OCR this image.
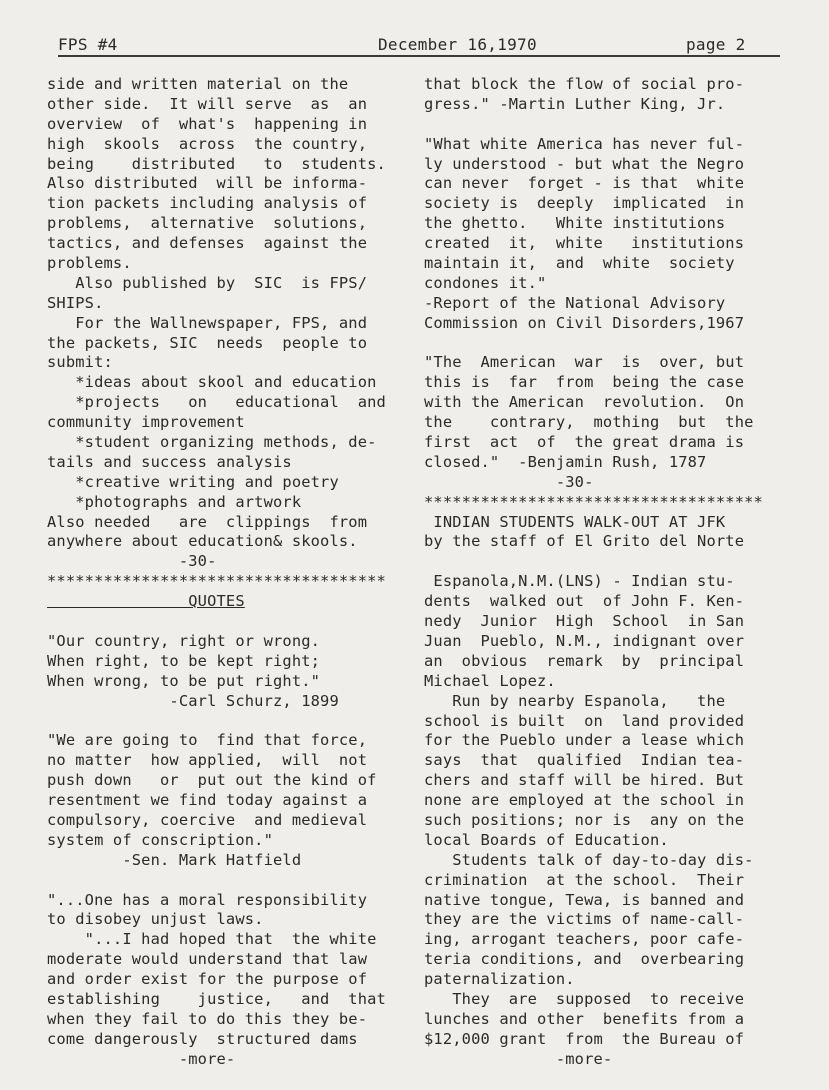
FPS #4	December 16,1970	page 2
side and written material on the
other side.  It will serve  as  an
overview  of  what's  happening in
high  skools  across  the country,
being    distributed   to  students.
Also distributed  will be informa-
tion packets including analysis of
problems,  alternative  solutions,
tactics, and defenses  against the
problems.
Also published by  SIC  is FPS/
SHIPS.
For the Wallnewspaper, FPS, and
the packets, SIC  needs  people to
submit:
*ideas about skool and education
*projects   on   educational  and
community improvement
*student organizing methods, de-
tails and success analysis
*creative writing and poetry
*photographs and artwork
Also needed   are  clippings  from
anywhere about education& skools.
-30-
************************************
QUOTES
"Our country, right or wrong.
When right, to be kept right;
When wrong, to be put right."
-Carl Schurz, 1899
"We are going to  find that force,
no matter  how applied,  will  not
push down   or  put out the kind of
resentment we find today against a
compulsory, coercive  and medieval
system of conscription."
-Sen. Mark Hatfield
"...One has a moral responsibility
to disobey unjust laws.
"...I had hoped that  the white
moderate would understand that law
and order exist for the purpose of
establishing    justice,   and  that
when they fail to do this they be-
come dangerously  structured dams
-more-
that block the flow of social pro-
gress." -Martin Luther King, Jr.
"What white America has never ful-
ly understood - but what the Negro
can never  forget - is that  white
society is  deeply  implicated  in
the ghetto.   White institutions
created  it,  white   institutions
maintain it,  and  white  society
condones it."
-Report of the National Advisory
Commission on Civil Disorders,1967
"The  American  war  is  over, but
this is  far  from  being the case
with the American  revolution.  On
the    contrary,  mothing  but  the
first  act  of  the great drama is
closed."  -Benjamin Rush, 1787
-30-
************************************
INDIAN STUDENTS WALK-OUT AT JFK
by the staff of El Grito del Norte
Espanola,N.M.(LNS) - Indian stu-
dents  walked out  of John F. Ken-
nedy  Junior  High  School  in San
Juan  Pueblo, N.M., indignant over
an  obvious  remark  by  principal
Michael Lopez.
Run by nearby Espanola,   the
school is built  on  land provided
for the Pueblo under a lease which
says  that  qualified  Indian tea-
chers and staff will be hired. But
none are employed at the school in
such positions; nor is  any on the
local Boards of Education.
Students talk of day-to-day dis-
crimination  at the school.  Their
native tongue, Tewa, is banned and
they are the victims of name-call-
ing, arrogant teachers, poor cafe-
teria conditions, and  overbearing
paternalization.
They  are  supposed  to receive
lunches and other  benefits from a
$12,000 grant  from  the Bureau of
-more-
